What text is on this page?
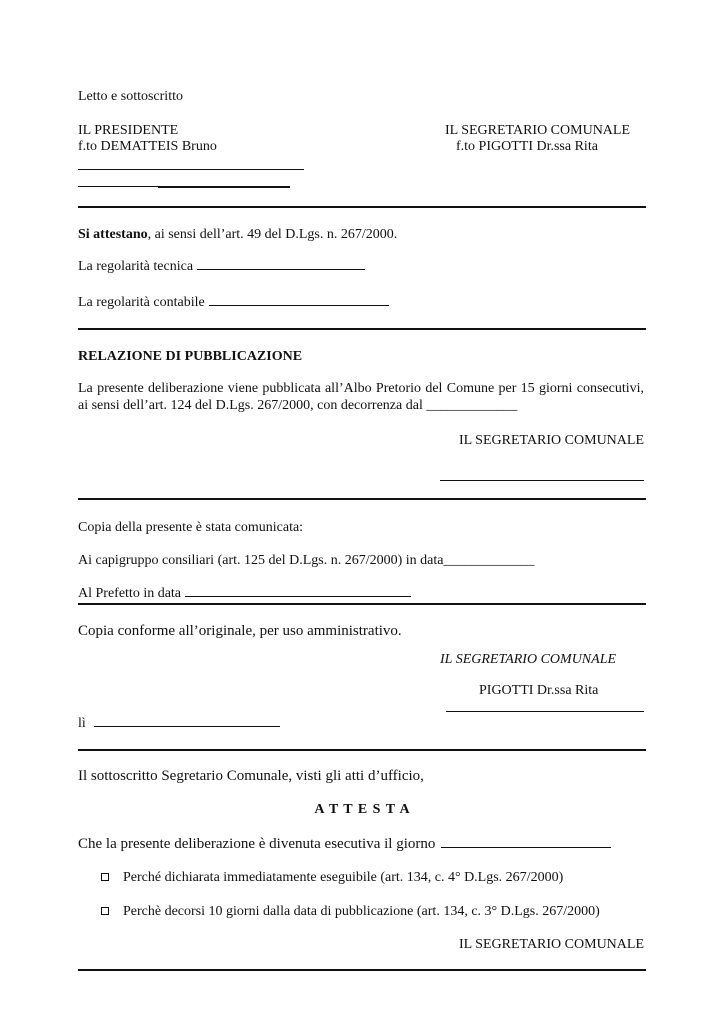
Letto e sottoscritto
IL PRESIDENTE
f.to DEMATTEIS Bruno
IL SEGRETARIO COMUNALE
f.to PIGOTTI Dr.ssa Rita
Si attestano, ai sensi dell’art. 49 del D.Lgs. n. 267/2000.
La regolarità tecnica
La regolarità contabile
RELAZIONE DI PUBBLICAZIONE
La presente deliberazione viene pubblicata all’Albo Pretorio del Comune per 15 giorni consecutivi, ai sensi dell’art. 124 del D.Lgs. 267/2000, con decorrenza dal _____________
IL SEGRETARIO COMUNALE
Copia della presente è stata comunicata:
Ai capigruppo consiliari (art. 125 del D.Lgs. n. 267/2000) in data_____________
Al Prefetto in data
Copia conforme all’originale, per uso amministrativo.
IL SEGRETARIO COMUNALE
PIGOTTI Dr.ssa Rita
lì
Il sottoscritto Segretario Comunale, visti gli atti d’ufficio,
A T T E S T A
Che la presente deliberazione è divenuta esecutiva il giorno
Perché dichiarata immediatamente eseguibile (art. 134, c. 4° D.Lgs. 267/2000)
Perchè decorsi 10 giorni dalla data di pubblicazione (art. 134, c. 3° D.Lgs. 267/2000)
IL SEGRETARIO COMUNALE
